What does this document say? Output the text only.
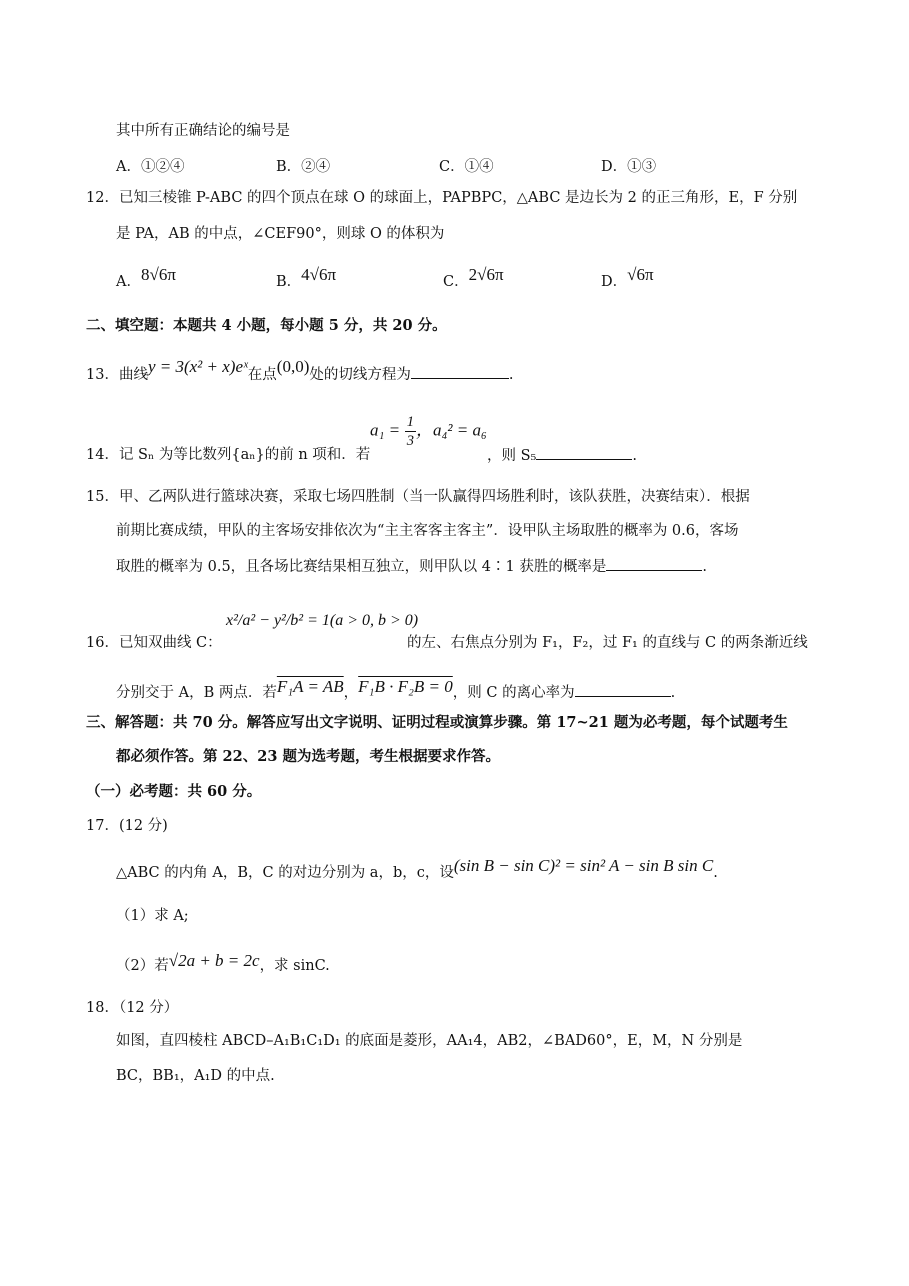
其中所有正确结论的编号是
A．①②④	B．②④	C．①④	D．①③
12．已知三棱锥 P-ABC 的四个顶点在球 O 的球面上，PAPBPC，△ABC 是边长为 2 的正三角形，E，F 分别
是 PA，AB 的中点，∠CEF90°，则球 O 的体积为
A．8√6π	B．4√6π	C．2√6π	D．√6π
二、填空题：本题共 4 小题，每小题 5 分，共 20 分。
13．曲线y = 3(x² + x)eˣ在点(0,0)处的切线方程为	.
14．记 Sₙ 为等比数列{aₙ}的前 n 项和．若
$a_1 = \frac{1}{3}$ ，a₄² = a₆
，则 S₅	.
15．甲、乙两队进行篮球决赛，采取七场四胜制（当一队赢得四场胜利时，该队获胜，决赛结束）．根据
前期比赛成绩，甲队的主客场安排依次为“主主客客主客主”．设甲队主场取胜的概率为 0.6，客场
取胜的概率为 0.5，且各场比赛结果相互独立，则甲队以 4∶1 获胜的概率是	.
16．已知双曲线 C：
x²/a² − y²/b² = 1(a > 0, b > 0)
的左、右焦点分别为 F₁，F₂，过 F₁ 的直线与 C 的两条渐近线
分别交于 A，B 两点．若F₁A = AB，F₁B · F₂B = 0，则 C 的离心率为	.
三、解答题：共 70 分。解答应写出文字说明、证明过程或演算步骤。第 17~21 题为必考题，每个试题考生
都必须作答。第 22、23 题为选考题，考生根据要求作答。
（一）必考题：共 60 分。
17．(12 分)
△ABC 的内角 A，B，C 的对边分别为 a，b，c，设(sin B − sin C)² = sin² A − sin B sin C.
（1）求 A;
（2）若√2a + b = 2c，求 sinC.
18．（12 分）
如图，直四棱柱 ABCD–A₁B₁C₁D₁ 的底面是菱形，AA₁4，AB2，∠BAD60°，E，M，N 分别是
BC，BB₁，A₁D 的中点.
